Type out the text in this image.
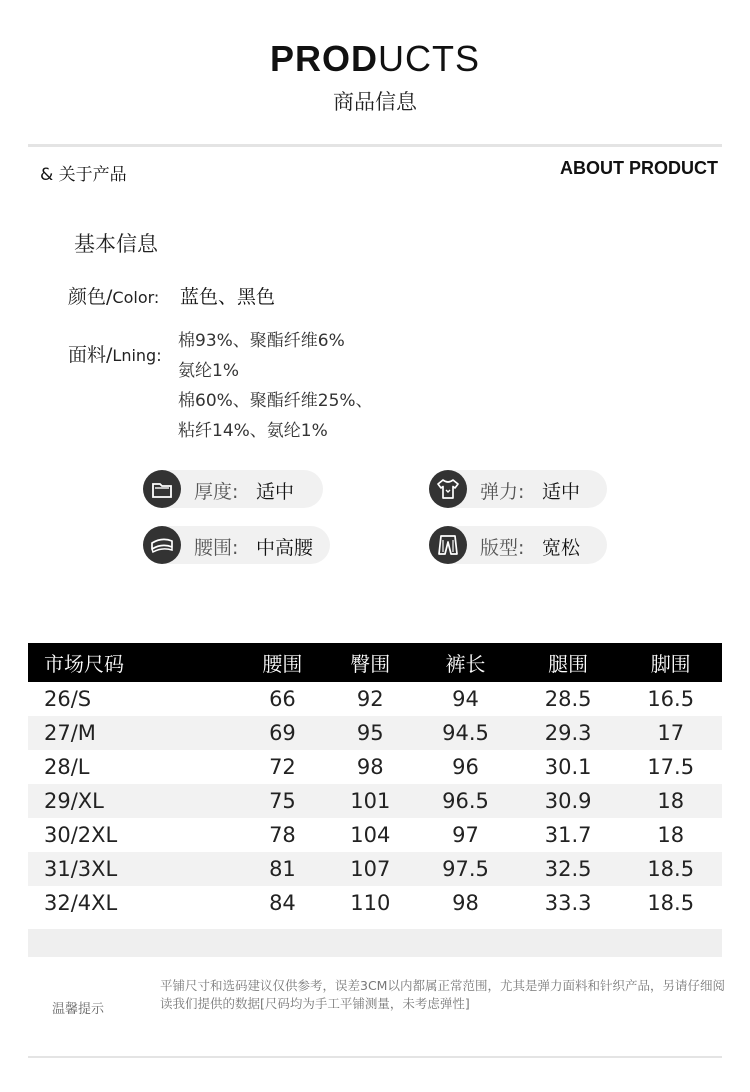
PRODUCTS
商品信息
& 关于产品	ABOUT PRODUCT
基本信息
颜色/Color: 蓝色、黑色
面料/Lning:
棉93%、聚酯纤维6%
氨纶1%
棉60%、聚酯纤维25%、
粘纤14%、氨纶1%
厚度: 适中	弹力: 适中
腰围: 中高腰	版型: 宽松
市场尺码	腰围	臀围	裤长	腿围	脚围
26/S	66	92	94	28.5	16.5
27/M	69	95	94.5	29.3	17
28/L	72	98	96	30.1	17.5
29/XL	75	101	96.5	30.9	18
30/2XL	78	104	97	31.7	18
31/3XL	81	107	97.5	32.5	18.5
32/4XL	84	110	98	33.3	18.5
温馨提示
平铺尺寸和选码建议仅供参考，误差3CM以内都属正常范围，尤其是弹力面料和针织产品，另请仔细阅读我们提供的数据[尺码均为手工平铺测量，未考虑弹性]
